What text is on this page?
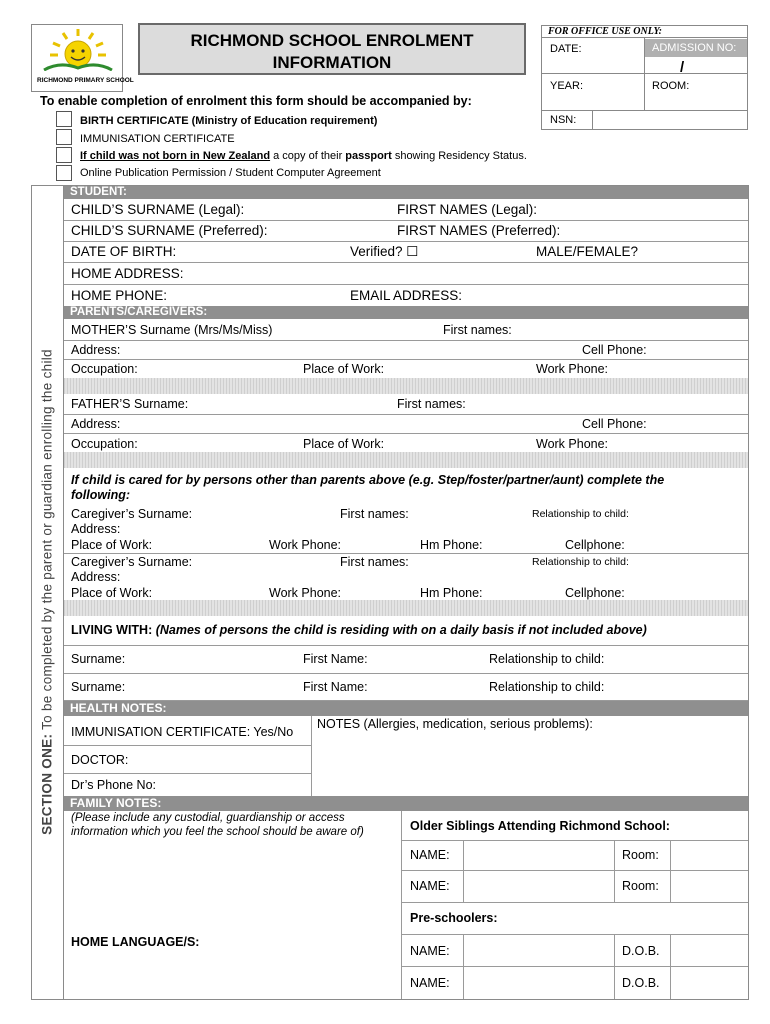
RICHMOND PRIMARY SCHOOL
RICHMOND SCHOOL ENROLMENT
INFORMATION
FOR OFFICE USE ONLY:
DATE:	ADMISSION NO:
/
YEAR:	ROOM:
NSN:
To enable completion of enrolment this form should be accompanied by:
BIRTH CERTIFICATE (Ministry of Education requirement)
IMMUNISATION CERTIFICATE
If child was not born in New Zealand a copy of their passport showing Residency Status.
Online Publication Permission / Student Computer Agreement
SECTION ONE: To be completed by the parent or guardian enrolling the child
STUDENT:
CHILD’S SURNAME (Legal):	FIRST NAMES (Legal):
CHILD’S SURNAME (Preferred):	FIRST NAMES (Preferred):
DATE OF BIRTH:	Verified? ☐	MALE/FEMALE?
HOME ADDRESS:
HOME PHONE:	EMAIL ADDRESS:
PARENTS/CAREGIVERS:
MOTHER’S Surname (Mrs/Ms/Miss)	First names:
Address:	Cell Phone:
Occupation:	Place of Work:	Work Phone:
FATHER’S Surname:	First names:
Address:	Cell Phone:
Occupation:	Place of Work:	Work Phone:
If child is cared for by persons other than parents above (e.g. Step/foster/partner/aunt) complete the
following:
Caregiver’s Surname:	First names:	Relationship to child:
Address:
Place of Work:	Work Phone:	Hm Phone:	Cellphone:
Caregiver’s Surname:	First names:	Relationship to child:
Address:
Place of Work:	Work Phone:	Hm Phone:	Cellphone:
LIVING WITH: (Names of persons the child is residing with on a daily basis if not included above)
Surname:	First Name:	Relationship to child:
Surname:	First Name:	Relationship to child:
HEALTH NOTES:
IMMUNISATION CERTIFICATE: Yes/No
NOTES (Allergies, medication, serious problems):
DOCTOR:
Dr’s Phone No:
FAMILY NOTES:
(Please include any custodial, guardianship or access
information which you feel the school should be aware of)
HOME LANGUAGE/S:
Older Siblings Attending Richmond School:
NAME:	Room:
NAME:	Room:
Pre-schoolers:
NAME:	D.O.B.
NAME:	D.O.B.
